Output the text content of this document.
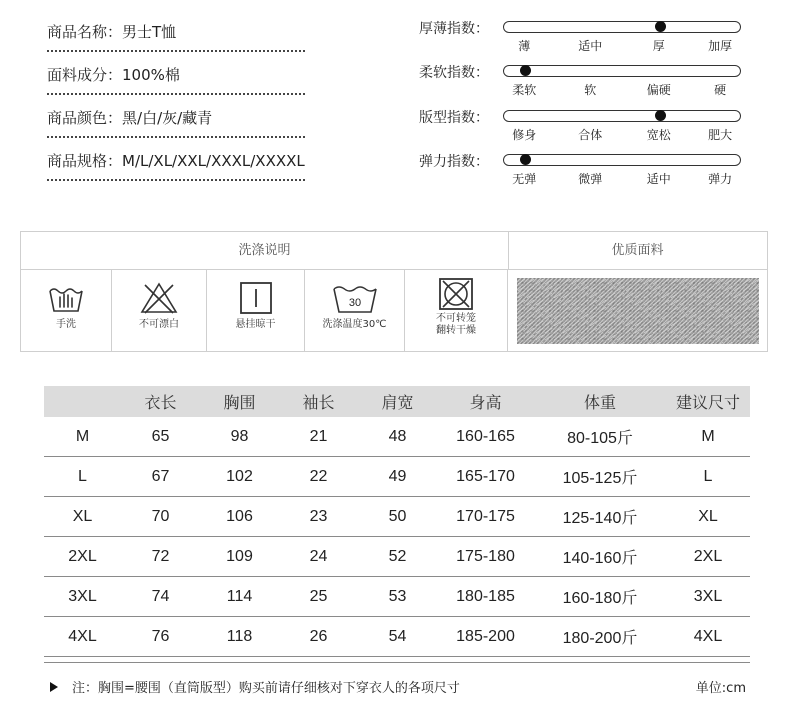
商品名称：男士T恤
面料成分：100%棉
商品颜色：黑/白/灰/藏青
商品规格：M/L/XL/XXL/XXXL/XXXXL
厚薄指数：
薄	适中	厚	加厚
柔软指数：
柔软	软	偏硬	硬
版型指数：
修身	合体	宽松	肥大
弹力指数：
无弹	微弹	适中	弹力
洗涤说明	优质面料
手洗	不可漂白	悬挂晾干
30
洗涤温度30℃
不可转笼
翻转干燥
	衣长	胸围	袖长	肩宽	身高	体重	建议尺寸
M	65	98	21	48	160-165	80-105斤	M
L	67	102	22	49	165-170	105-125斤	L
XL	70	106	23	50	170-175	125-140斤	XL
2XL	72	109	24	52	175-180	140-160斤	2XL
3XL	74	114	25	53	180-185	160-180斤	3XL
4XL	76	118	26	54	185-200	180-200斤	4XL
注：胸围=腰围（直筒版型）购买前请仔细核对下穿衣人的各项尺寸	单位:cm
